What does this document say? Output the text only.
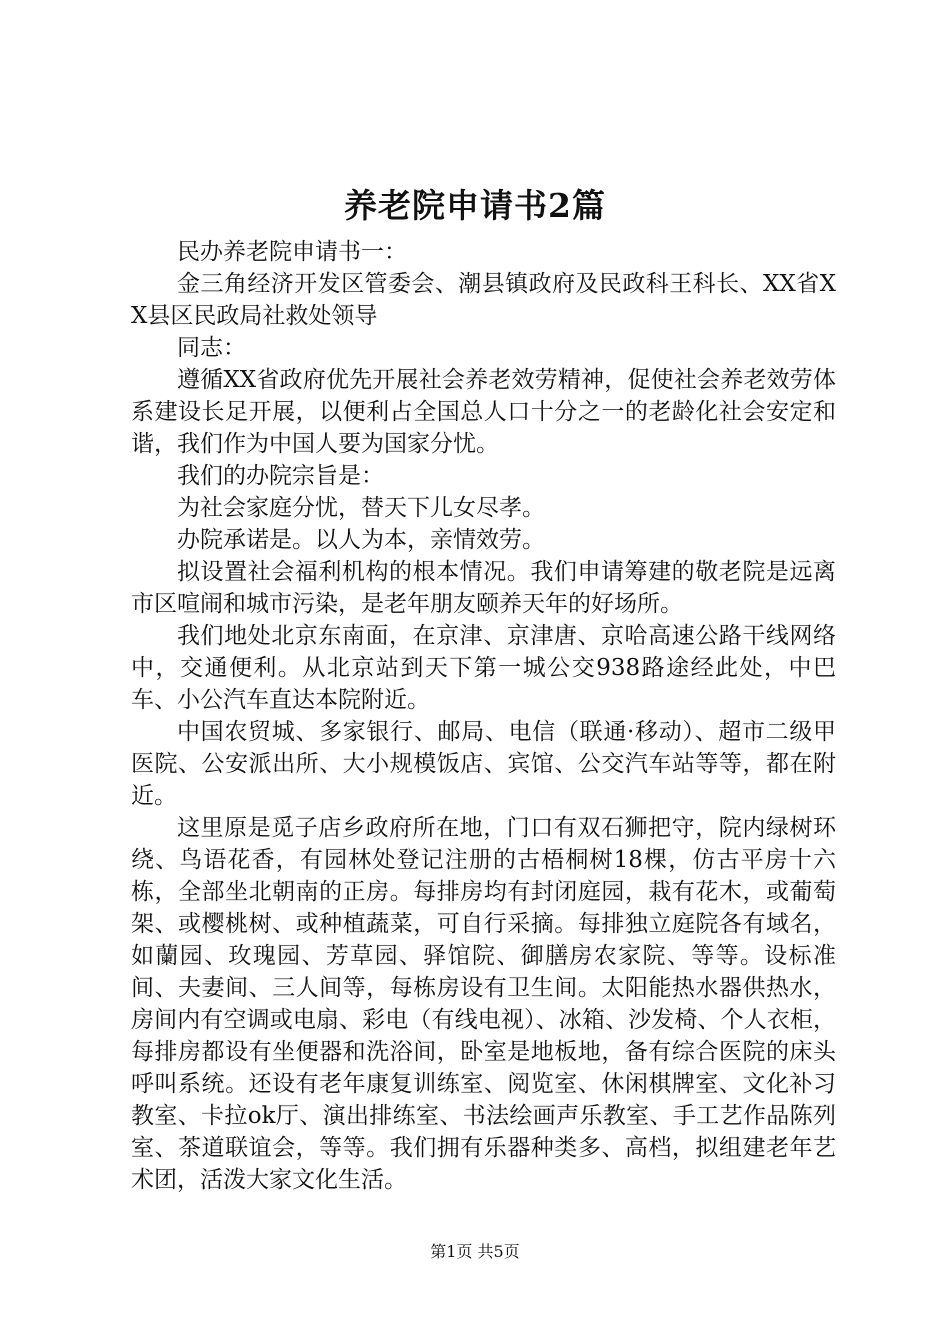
养老院申请书2篇

民办养老院申请书一：

金三角经济开发区管委会、潮县镇政府及民政科王科长、XX省XX县区民政局社救处领导

同志：

遵循XX省政府优先开展社会养老效劳精神，促使社会养老效劳体系建设长足开展，以便利占全国总人口十分之一的老龄化社会安定和谐，我们作为中国人要为国家分忧。

我们的办院宗旨是：

为社会家庭分忧，替天下儿女尽孝。

办院承诺是。以人为本，亲情效劳。

拟设置社会福利机构的根本情况。我们申请筹建的敬老院是远离市区喧闹和城市污染，是老年朋友颐养天年的好场所。

我们地处北京东南面，在京津、京津唐、京哈高速公路干线网络中，交通便利。从北京站到天下第一城公交938路途经此处，中巴车、小公汽车直达本院附近。

中国农贸城、多家银行、邮局、电信（联通·移动）、超市二级甲医院、公安派出所、大小规模饭店、宾馆、公交汽车站等等，都在附近。

这里原是觅子店乡政府所在地，门口有双石狮把守，院内绿树环绕、鸟语花香，有园林处登记注册的古梧桐树18棵，仿古平房十六栋，全部坐北朝南的正房。每排房均有封闭庭园，栽有花木，或葡萄架、或樱桃树、或种植蔬菜，可自行采摘。每排独立庭院各有域名，如蘭园、玫瑰园、芳草园、驿馆院、御膳房农家院、等等。设标准间、夫妻间、三人间等，每栋房设有卫生间。太阳能热水器供热水，房间内有空调或电扇、彩电（有线电视）、冰箱、沙发椅、个人衣柜，每排房都设有坐便器和洗浴间，卧室是地板地，备有综合医院的床头呼叫系统。还设有老年康复训练室、阅览室、休闲棋牌室、文化补习教室、卡拉ok厅、演出排练室、书法绘画声乐教室、手工艺作品陈列室、茶道联谊会，等等。我们拥有乐器种类多、高档，拟组建老年艺术团，活泼大家文化生活。

第1页 共5页
